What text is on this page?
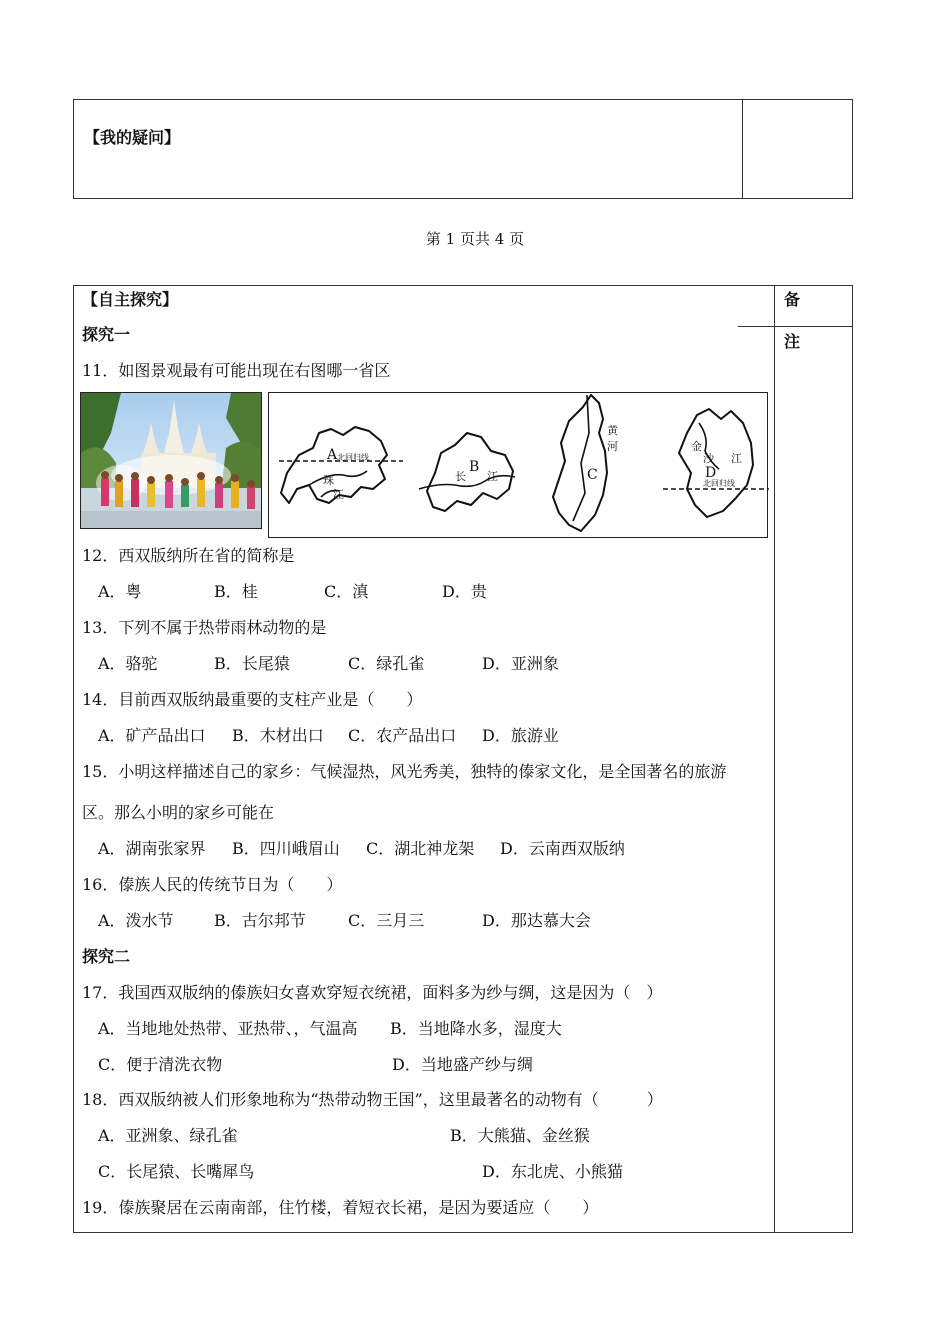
【我的疑问】
第 1 页共 4 页
【自主探究】	备
注
探究一
11．如图景观最有可能出现在右图哪一省区
A 北回归线
珠
江
B
长 江	C
黄
河
D
金
沙 江
北回归线
12．西双版纳所在省的简称是
A．粤	B．桂	C．滇	D．贵
13．下列不属于热带雨林动物的是
A．骆驼	B．长尾猿	C．绿孔雀	D．亚洲象
14．目前西双版纳最重要的支柱产业是（　　）
A．矿产品出口 B．木材出口 C．农产品出口 D．旅游业
15．小明这样描述自己的家乡：气候湿热，风光秀美，独特的傣家文化，是全国著名的旅游
区。那么小明的家乡可能在
A．湖南张家界 B．四川峨眉山 C．湖北神龙架 D．云南西双版纳
16．傣族人民的传统节日为（　　）
A．泼水节	B．古尔邦节	C．三月三	D．那达慕大会
探究二
17．我国西双版纳的傣族妇女喜欢穿短衣统裙，面料多为纱与绸，这是因为（　）
A．当地地处热带、亚热带、，气温高 B．当地降水多，湿度大
C．便于清洗衣物	D．当地盛产纱与绸
18．西双版纳被人们形象地称为“热带动物王国”，这里最著名的动物有（　　　）
A．亚洲象、绿孔雀	B．大熊猫、金丝猴
C．长尾猿、长嘴犀鸟	D．东北虎、小熊猫
19．傣族聚居在云南南部，住竹楼，着短衣长裙，是因为要适应（　　）
